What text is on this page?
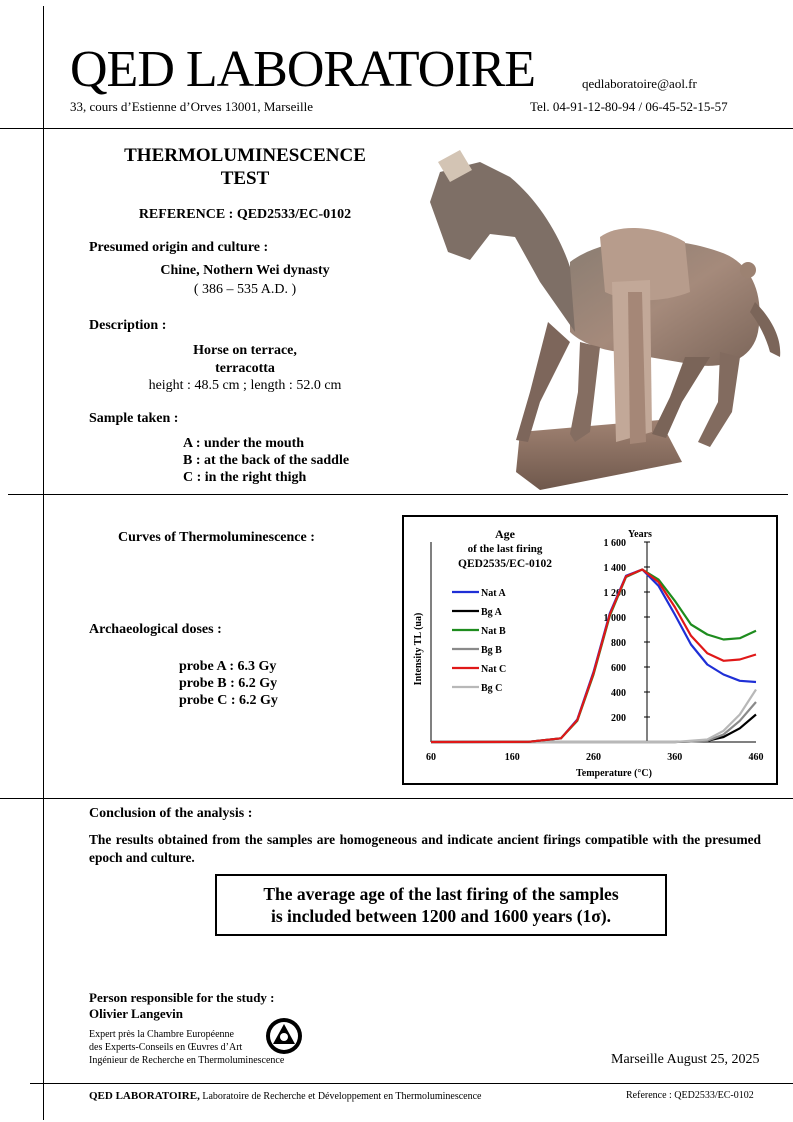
QED LABORATOIRE	qedlaboratoire@aol.fr
33, cours d’Estienne d’Orves 13001, Marseille	Tel. 04-91-12-80-94 / 06-45-52-15-57
THERMOLUMINESCENCE
TEST
REFERENCE : QED2533/EC-0102
Presumed origin and culture :
Chine, Nothern Wei dynasty
( 386 – 535 A.D. )
Description :
Horse on terrace,
terracotta
height : 48.5 cm ; length : 52.0 cm
Sample taken :
A : under the mouth
B : at the back of the saddle
C : in the right thigh
Curves of Thermoluminescence :
Archaeological doses :
probe A : 6.3 Gy
probe B : 6.2 Gy
probe C : 6.2 Gy
Age
of the last firing
QED2535/EC-0102
Years
Temperature (°C)
Intensity TL (ua)
60	160	260	360	460
200
400
600
800
1 000
1 200
1 400
1 600
Nat A
Bg A
Nat B
Bg B
Nat C
Bg C
Conclusion of the analysis :
The results obtained from the samples are homogeneous and indicate ancient firings compatible with the presumed epoch and culture.
The average age of the last firing of the samples
is included between 1200 and 1600 years (1σ).
Person responsible for the study :
Olivier Langevin
Expert près la Chambre Européenne
des Experts-Conseils en Œuvres d’Art
Ingénieur de Recherche en Thermoluminescence	Marseille August 25, 2025
QED LABORATOIRE, Laboratoire de Recherche et Développement en Thermoluminescence	Reference : QED2533/EC-0102
